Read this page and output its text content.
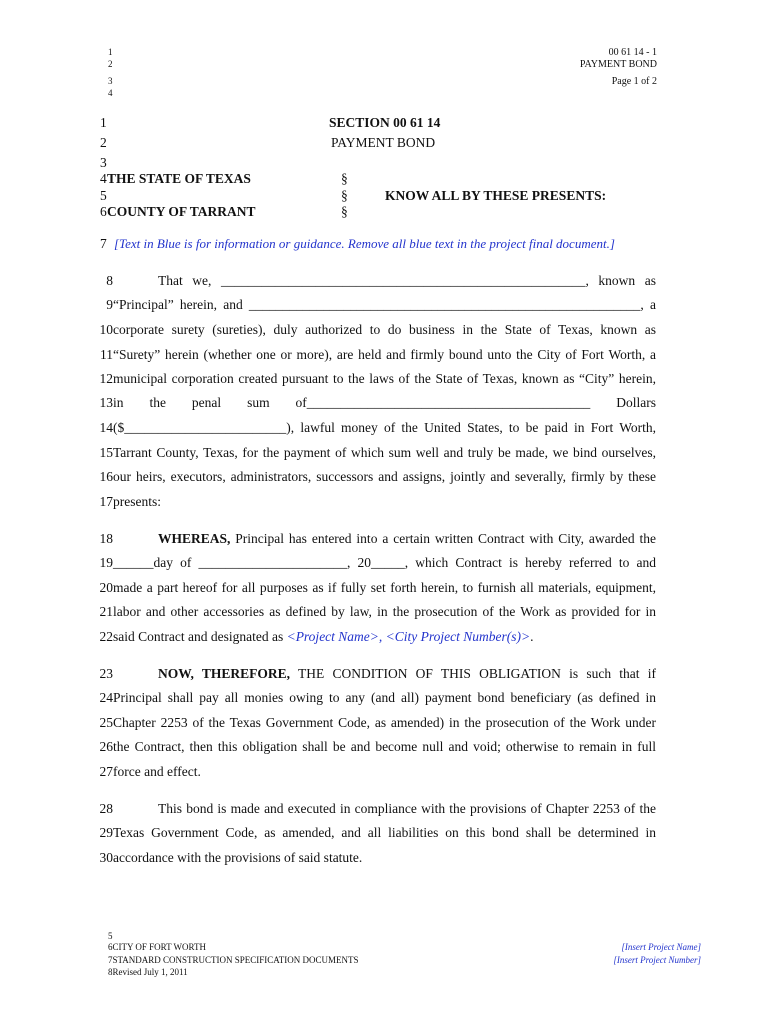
1
2
3
4
00 61 14 - 1
PAYMENT BOND
Page 1 of 2
1	SECTION 00 61 14
2	PAYMENT BOND
3
4 THE STATE OF TEXAS	§
5	§	KNOW ALL BY THESE PRESENTS:
6 COUNTY OF TARRANT	§
7 [Text in Blue is for information or guidance. Remove all blue text in the project final document.]
8	That we, ______________________________________________________, known as
9 “Principal” herein, and __________________________________________________________, a
10 corporate surety (sureties), duly authorized to do business in the State of Texas, known as
11 “Surety” herein (whether one or more), are held and firmly bound unto the City of Fort Worth, a
12 municipal corporation created pursuant to the laws of the State of Texas, known as “City” herein,
13 in the penal sum of__________________________________________ Dollars
14 ($________________________), lawful money of the United States, to be paid in Fort Worth,
15 Tarrant County, Texas, for the payment of which sum well and truly be made, we bind ourselves,
16 our heirs, executors, administrators, successors and assigns, jointly and severally, firmly by these
17 presents:
18	WHEREAS, Principal has entered into a certain written Contract with City, awarded the
19 ______day of ______________________, 20_____, which Contract is hereby referred to and
20 made a part hereof for all purposes as if fully set forth herein, to furnish all materials, equipment,
21 labor and other accessories as defined by law, in the prosecution of the Work as provided for in
22 said Contract and designated as <Project Name>, <City Project Number(s)>.
23	NOW, THEREFORE, THE CONDITION OF THIS OBLIGATION is such that if
24 Principal shall pay all monies owing to any (and all) payment bond beneficiary (as defined in
25 Chapter 2253 of the Texas Government Code, as amended) in the prosecution of the Work under
26 the Contract, then this obligation shall be and become null and void; otherwise to remain in full
27 force and effect.
28	This bond is made and executed in compliance with the provisions of Chapter 2253 of the
29 Texas Government Code, as amended, and all liabilities on this bond shall be determined in
30 accordance with the provisions of said statute.
5
6CITY OF FORT WORTH
7STANDARD CONSTRUCTION SPECIFICATION DOCUMENTS
8Revised July 1, 2011
[Insert Project Name]
[Insert Project Number]
